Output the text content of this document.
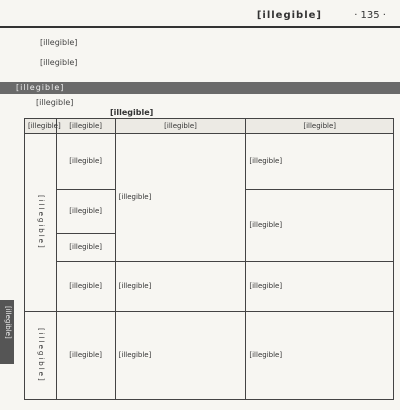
[illegible]	· 135 ·
[illegible]
[illegible]
[illegible]
[illegible]
[illegible]
[illegible]	[illegible]	[illegible]	[illegible]
[illegible]	[illegible]	[illegible]	[illegible]
	[illegible]		[illegible]
	[illegible]		
	[illegible]	[illegible]	[illegible]
[illegible]	[illegible]	[illegible]	[illegible]
[illegible]
